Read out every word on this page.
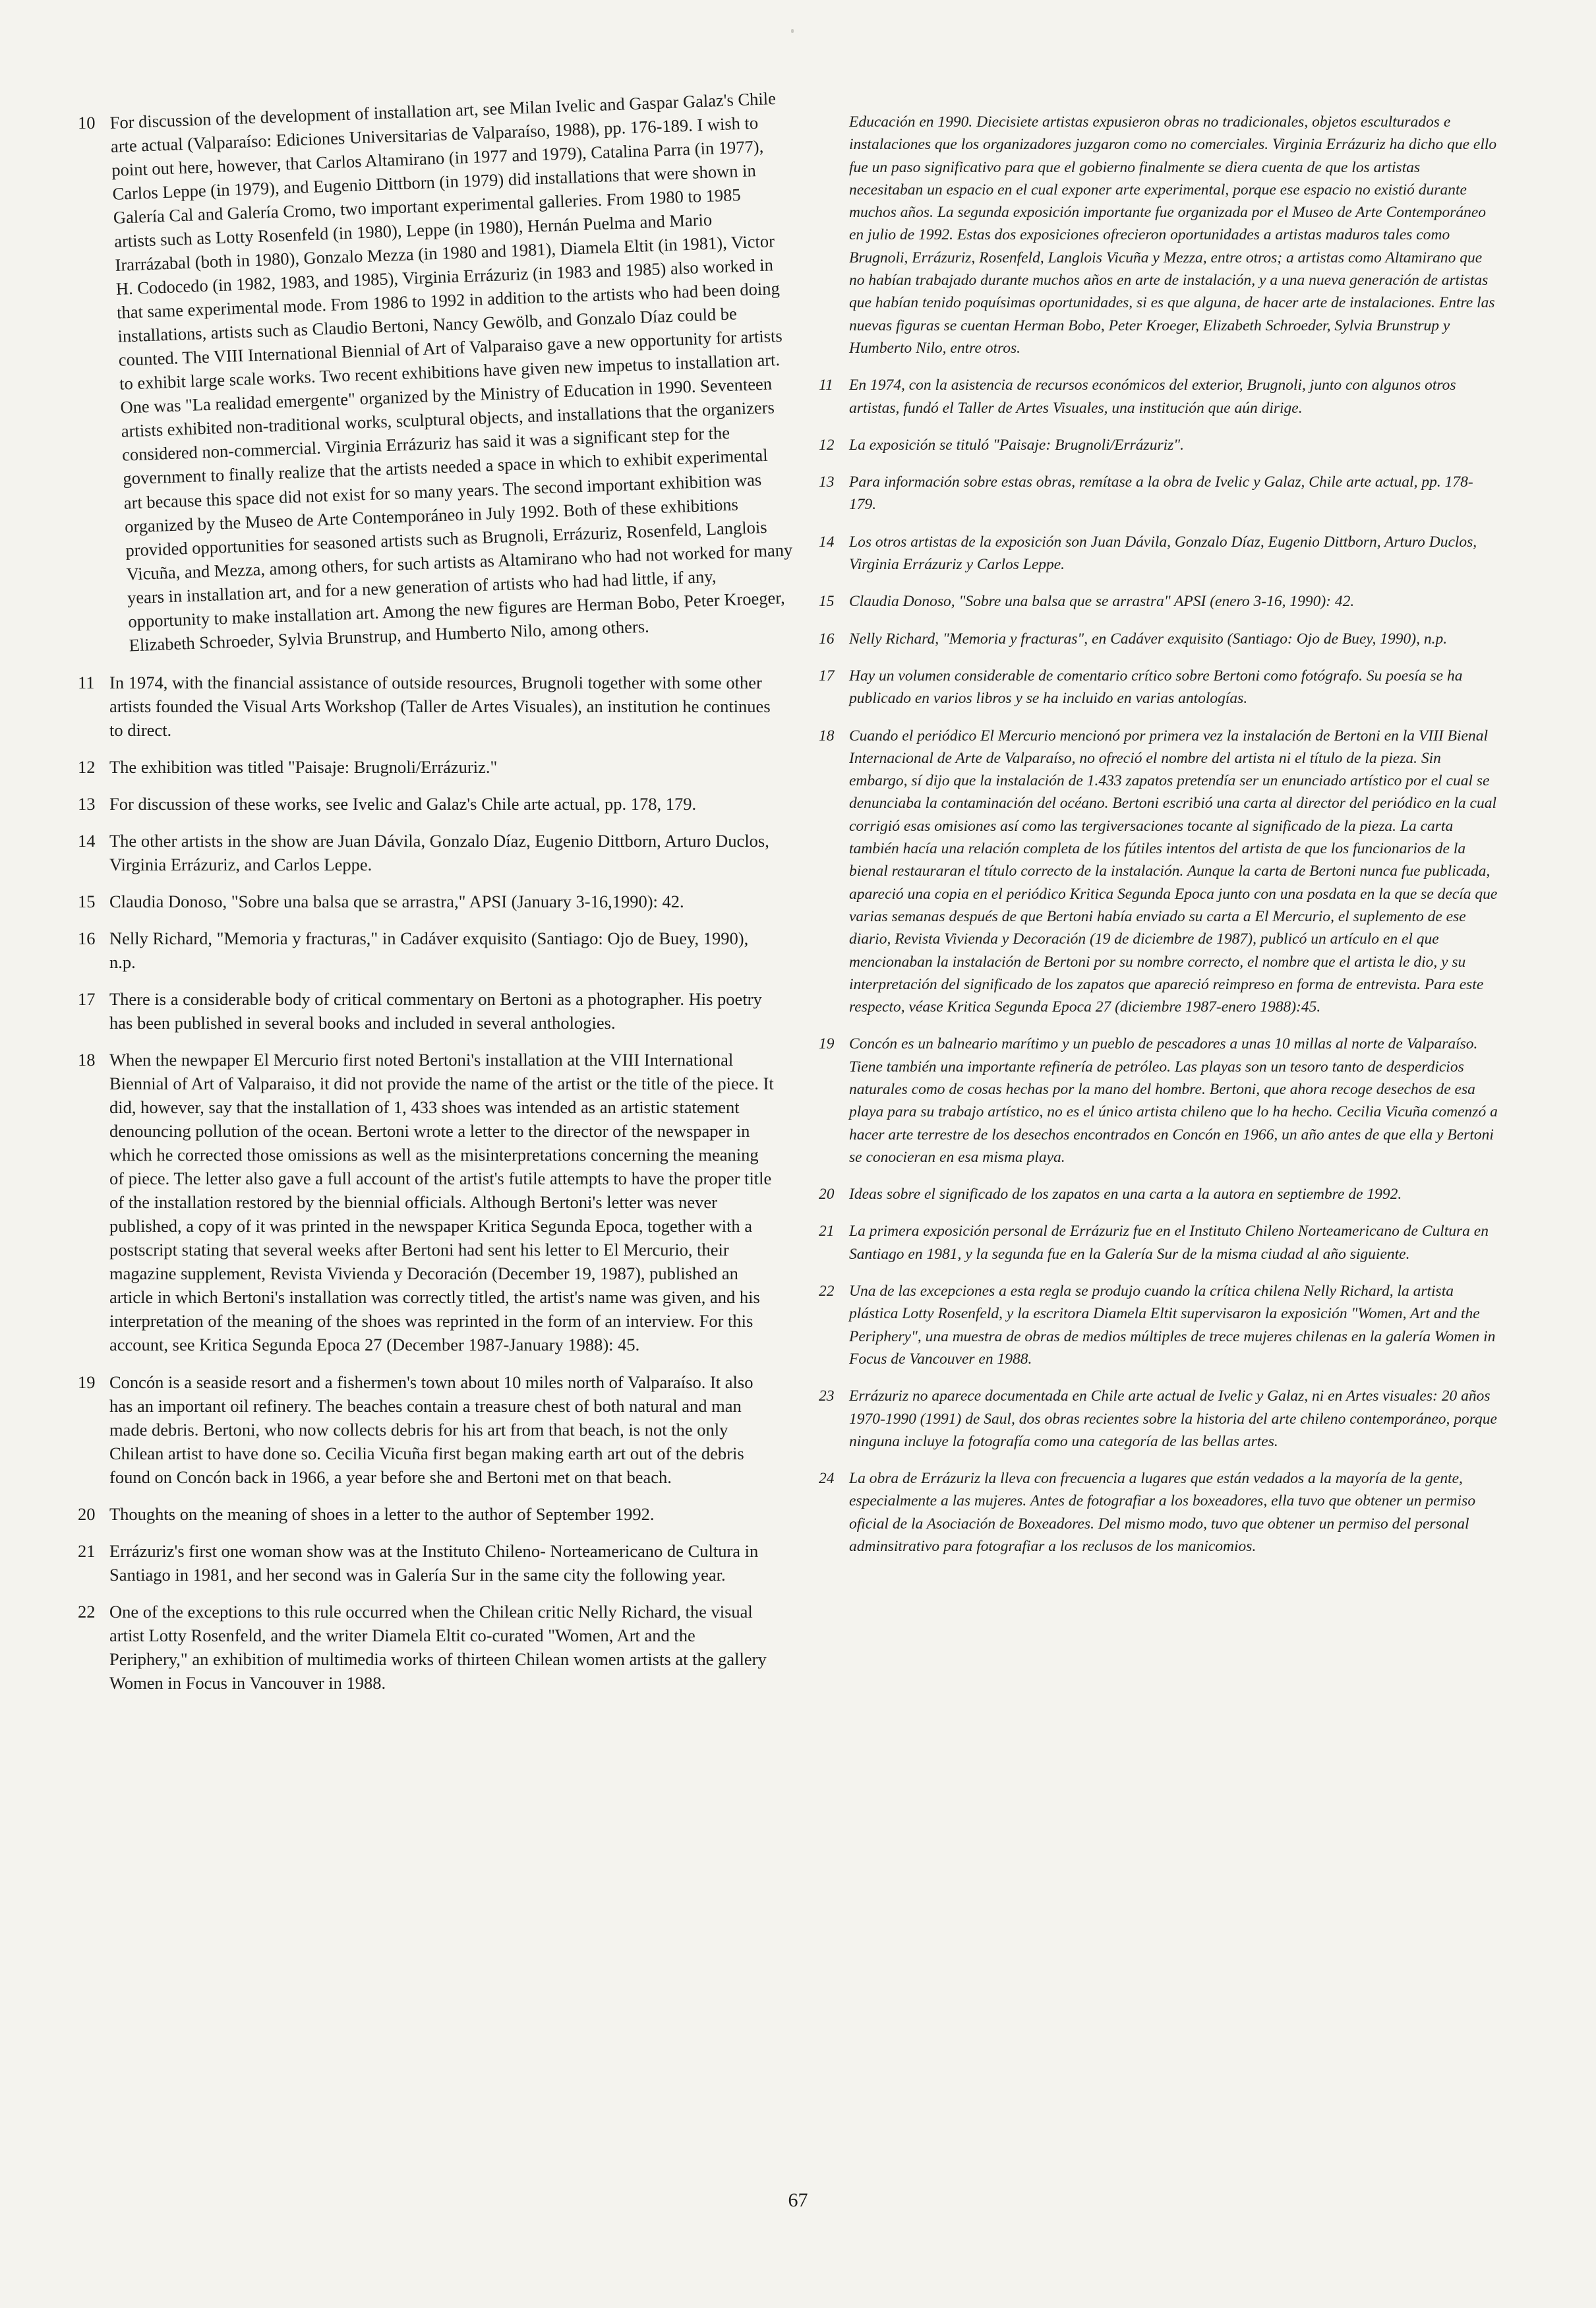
10 For discussion of the development of installation art, see Milan Ivelic and Gaspar Galaz's Chile arte actual (Valparaíso: Ediciones Universitarias de Valparaíso, 1988), pp. 176-189. I wish to point out here, however, that Carlos Altamirano (in 1977 and 1979), Catalina Parra (in 1977), Carlos Leppe (in 1979), and Eugenio Dittborn (in 1979) did installations that were shown in Galería Cal and Galería Cromo, two important experimental galleries. From 1980 to 1985 artists such as Lotty Rosenfeld (in 1980), Leppe (in 1980), Hernán Puelma and Mario Irarrázabal (both in 1980), Gonzalo Mezza (in 1980 and 1981), Diamela Eltit (in 1981), Victor H. Codocedo (in 1982, 1983, and 1985), Virginia Errázuriz (in 1983 and 1985) also worked in that same experimental mode. From 1986 to 1992 in addition to the artists who had been doing installations, artists such as Claudio Bertoni, Nancy Gewölb, and Gonzalo Díaz could be counted. The VIII International Biennial of Art of Valparaiso gave a new opportunity for artists to exhibit large scale works. Two recent exhibitions have given new impetus to installation art. One was "La realidad emergente" organized by the Ministry of Education in 1990. Seventeen artists exhibited non-traditional works, sculptural objects, and installations that the organizers considered non-commercial. Virginia Errázuriz has said it was a significant step for the government to finally realize that the artists needed a space in which to exhibit experimental art because this space did not exist for so many years. The second important exhibition was organized by the Museo de Arte Contemporáneo in July 1992. Both of these exhibitions provided opportunities for seasoned artists such as Brugnoli, Errázuriz, Rosenfeld, Langlois Vicuña, and Mezza, among others, for such artists as Altamirano who had not worked for many years in installation art, and for a new generation of artists who had had little, if any, opportunity to make installation art. Among the new figures are Herman Bobo, Peter Kroeger, Elizabeth Schroeder, Sylvia Brunstrup, and Humberto Nilo, among others.
11 In 1974, with the financial assistance of outside resources, Brugnoli together with some other artists founded the Visual Arts Workshop (Taller de Artes Visuales), an institution he continues to direct.
12 The exhibition was titled "Paisaje: Brugnoli/Errázuriz."
13 For discussion of these works, see Ivelic and Galaz's Chile arte actual, pp. 178, 179.
14 The other artists in the show are Juan Dávila, Gonzalo Díaz, Eugenio Dittborn, Arturo Duclos, Virginia Errázuriz, and Carlos Leppe.
15 Claudia Donoso, "Sobre una balsa que se arrastra," APSI (January 3-16,1990): 42.
16 Nelly Richard, "Memoria y fracturas," in Cadáver exquisito (Santiago: Ojo de Buey, 1990), n.p.
17 There is a considerable body of critical commentary on Bertoni as a photographer. His poetry has been published in several books and included in several anthologies.
18 When the newpaper El Mercurio first noted Bertoni's installation at the VIII International Biennial of Art of Valparaiso, it did not provide the name of the artist or the title of the piece. It did, however, say that the installation of 1, 433 shoes was intended as an artistic statement denouncing pollution of the ocean. Bertoni wrote a letter to the director of the newspaper in which he corrected those omissions as well as the misinterpretations concerning the meaning of piece. The letter also gave a full account of the artist's futile attempts to have the proper title of the installation restored by the biennial officials. Although Bertoni's letter was never published, a copy of it was printed in the newspaper Kritica Segunda Epoca, together with a postscript stating that several weeks after Bertoni had sent his letter to El Mercurio, their magazine supplement, Revista Vivienda y Decoración (December 19, 1987), published an article in which Bertoni's installation was correctly titled, the artist's name was given, and his interpretation of the meaning of the shoes was reprinted in the form of an interview. For this account, see Kritica Segunda Epoca 27 (December 1987-January 1988): 45.
19 Concón is a seaside resort and a fishermen's town about 10 miles north of Valparaíso. It also has an important oil refinery. The beaches contain a treasure chest of both natural and man made debris. Bertoni, who now collects debris for his art from that beach, is not the only Chilean artist to have done so. Cecilia Vicuña first began making earth art out of the debris found on Concón back in 1966, a year before she and Bertoni met on that beach.
20 Thoughts on the meaning of shoes in a letter to the author of September 1992.
21 Errázuriz's first one woman show was at the Instituto Chileno- Norteamericano de Cultura in Santiago in 1981, and her second was in Galería Sur in the same city the following year.
22 One of the exceptions to this rule occurred when the Chilean critic Nelly Richard, the visual artist Lotty Rosenfeld, and the writer Diamela Eltit co-curated "Women, Art and the Periphery," an exhibition of multimedia works of thirteen Chilean women artists at the gallery Women in Focus in Vancouver in 1988.
Educación en 1990. Diecisiete artistas expusieron obras no tradicionales, objetos esculturados e instalaciones que los organizadores juzgaron como no comerciales. Virginia Errázuriz ha dicho que ello fue un paso significativo para que el gobierno finalmente se diera cuenta de que los artistas necesitaban un espacio en el cual exponer arte experimental, porque ese espacio no existió durante muchos años. La segunda exposición importante fue organizada por el Museo de Arte Contemporáneo en julio de 1992. Estas dos exposiciones ofrecieron oportunidades a artistas maduros tales como Brugnoli, Errázuriz, Rosenfeld, Langlois Vicuña y Mezza, entre otros; a artistas como Altamirano que no habían trabajado durante muchos años en arte de instalación, y a una nueva generación de artistas que habían tenido poquísimas oportunidades, si es que alguna, de hacer arte de instalaciones. Entre las nuevas figuras se cuentan Herman Bobo, Peter Kroeger, Elizabeth Schroeder, Sylvia Brunstrup y Humberto Nilo, entre otros.
11	En 1974, con la asistencia de recursos económicos del exterior, Brugnoli, junto con algunos otros artistas, fundó el Taller de Artes Visuales, una institución que aún dirige.
12 La exposición se tituló "Paisaje: Brugnoli/Errázuriz".
13 Para información sobre estas obras, remítase a la obra de Ivelic y Galaz, Chile arte actual, pp. 178-179.
14 Los otros artistas de la exposición son Juan Dávila, Gonzalo Díaz, Eugenio Dittborn, Arturo Duclos, Virginia Errázuriz y Carlos Leppe.
15 Claudia Donoso, "Sobre una balsa que se arrastra" APSI (enero 3-16, 1990): 42.
16 Nelly Richard, "Memoria y fracturas", en Cadáver exquisito (Santiago: Ojo de Buey, 1990), n.p.
17 Hay un volumen considerable de comentario crítico sobre Bertoni como fotógrafo. Su poesía se ha publicado en varios libros y se ha incluido en varias antologías.
18 Cuando el periódico El Mercurio mencionó por primera vez la instalación de Bertoni en la VIII Bienal Internacional de Arte de Valparaíso, no ofreció el nombre del artista ni el título de la pieza. Sin embargo, sí dijo que la instalación de 1.433 zapatos pretendía ser un enunciado artístico por el cual se denunciaba la contaminación del océano. Bertoni escribió una carta al director del periódico en la cual corrigió esas omisiones así como las tergiversaciones tocante al significado de la pieza. La carta también hacía una relación completa de los fútiles intentos del artista de que los funcionarios de la bienal restauraran el título correcto de la instalación. Aunque la carta de Bertoni nunca fue publicada, apareció una copia en el periódico Kritica Segunda Epoca junto con una posdata en la que se decía que varias semanas después de que Bertoni había enviado su carta a El Mercurio, el suplemento de ese diario, Revista Vivienda y Decoración (19 de diciembre de 1987), publicó un artículo en el que mencionaban la instalación de Bertoni por su nombre correcto, el nombre que el artista le dio, y su interpretación del significado de los zapatos que apareció reimpreso en forma de entrevista. Para este respecto, véase Kritica Segunda Epoca 27 (diciembre 1987-enero 1988):45.
19 Concón es un balneario marítimo y un pueblo de pescadores a unas 10 millas al norte de Valparaíso. Tiene también una importante refinería de petróleo. Las playas son un tesoro tanto de desperdicios naturales como de cosas hechas por la mano del hombre. Bertoni, que ahora recoge desechos de esa playa para su trabajo artístico, no es el único artista chileno que lo ha hecho. Cecilia Vicuña comenzó a hacer arte terrestre de los desechos encontrados en Concón en 1966, un año antes de que ella y Bertoni se conocieran en esa misma playa.
20 Ideas sobre el significado de los zapatos en una carta a la autora en septiembre de 1992.
21 La primera exposición personal de Errázuriz fue en el Instituto Chileno Norteamericano de Cultura en Santiago en 1981, y la segunda fue en la Galería Sur de la misma ciudad al año siguiente.
22 Una de las excepciones a esta regla se produjo cuando la crítica chilena Nelly Richard, la artista plástica Lotty Rosenfeld, y la escritora Diamela Eltit supervisaron la exposición "Women, Art and the Periphery", una muestra de obras de medios múltiples de trece mujeres chilenas en la galería Women in Focus de Vancouver en 1988.
23 Errázuriz no aparece documentada en Chile arte actual de Ivelic y Galaz, ni en Artes visuales: 20 años 1970-1990 (1991) de Saul, dos obras recientes sobre la historia del arte chileno contemporáneo, porque ninguna incluye la fotografía como una categoría de las bellas artes.
24 La obra de Errázuriz la lleva con frecuencia a lugares que están vedados a la mayoría de la gente, especialmente a las mujeres. Antes de fotografiar a los boxeadores, ella tuvo que obtener un permiso oficial de la Asociación de Boxeadores. Del mismo modo, tuvo que obtener un permiso del personal adminsitrativo para fotografiar a los reclusos de los manicomios.
67
